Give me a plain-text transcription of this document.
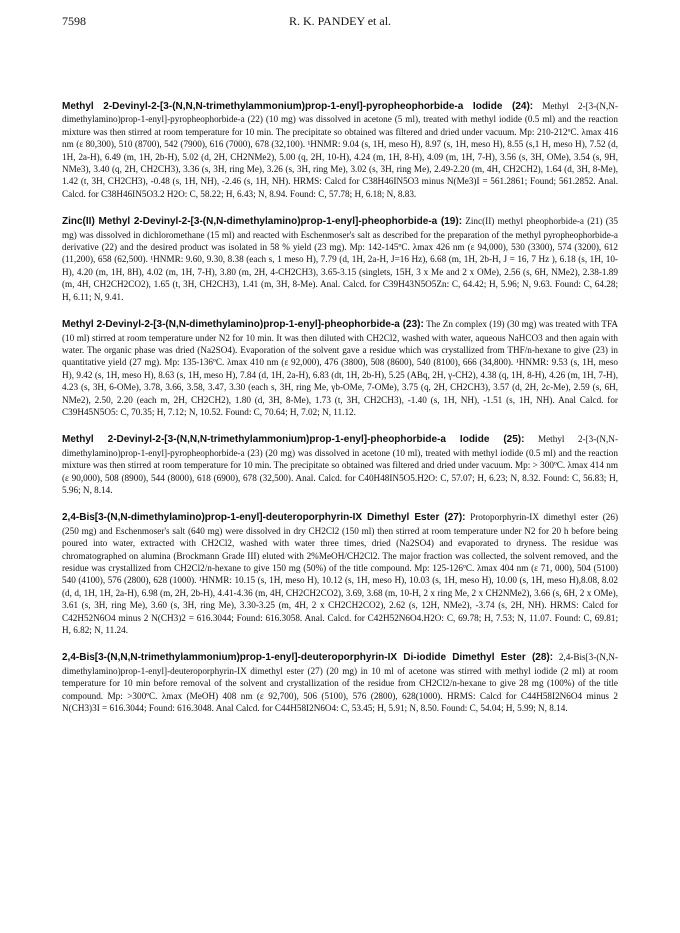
7598	R. K. PANDEY et al.

Methyl 2-Devinyl-2-[3-(N,N,N-trimethylammonium)prop-1-enyl]-pyropheophorbide-a Iodide (24): Methyl 2-[3-(N,N-dimethylamino)prop-1-enyl]-pyropheophorbide-a (22) (10 mg) was dissolved in acetone (5 ml), treated with methyl iodide (0.5 ml) and the reaction mixture was then stirred at room temperature for 10 min. The precipitate so obtained was filtered and dried under vacuum. Mp: 210-212ºC. λmax 416 nm (ε 80,300), 510 (8700), 542 (7900), 616 (7000), 678 (32,100). ¹HNMR: 9.04 (s, 1H, meso H), 8.97 (s, 1H, meso H), 8.55 (s,1 H, meso H), 7.52 (d, 1H, 2a-H), 6.49 (m, 1H, 2b-H), 5.02 (d, 2H, CH2NMe2), 5.00 (q, 2H, 10-H), 4.24 (m, 1H, 8-H), 4.09 (m, 1H, 7-H), 3.56 (s, 3H, OMe), 3.54 (s, 9H, NMe3), 3.40 (q, 2H, CH2CH3), 3.36 (s, 3H, ring Me), 3.26 (s, 3H, ring Me), 3.02 (s, 3H, ring Me), 2.49-2.20 (m, 4H, CH2CH2), 1.64 (d, 3H, 8-Me), 1.42 (t, 3H, CH2CH3), -0.48 (s, 1H, NH), -2.46 (s, 1H, NH). HRMS: Calcd for C38H46IN5O3 minus N(Me3)I = 561.2861; Found; 561.2852. Anal. Calcd. for C38H46IN5O3.2 H2O: C, 58.22; H, 6.43; N, 8.94. Found: C, 57.78; H, 6.18; N, 8.83.

Zinc(II) Methyl 2-Devinyl-2-[3-(N,N-dimethylamino)prop-1-enyl]-pheophorbide-a (19): Zinc(II) methyl pheophorbide-a (21) (35 mg) was dissolved in dichloromethane (15 ml) and reacted with Eschenmoser's salt as described for the preparation of the methyl pyropheophorbide-a derivative (22) and the desired product was isolated in 58 % yield (23 mg). Mp: 142-145ºC. λmax 426 nm (ε 94,000), 530 (3300), 574 (3200), 612 (11,200), 658 (62,500). ¹HNMR: 9.60, 9.30, 8.38 (each s, 1 meso H), 7.79 (d, 1H, 2a-H, J=16 Hz), 6.68 (m, 1H, 2b-H, J = 16, 7 Hz ), 6.18 (s, 1H, 10-H), 4.20 (m, 1H, 8H), 4.02 (m, 1H, 7-H), 3.80 (m, 2H, 4-CH2CH3), 3.65-3.15 (singlets, 15H, 3 x Me and 2 x OMe), 2.56 (s, 6H, NMe2), 2.38-1.89 (m, 4H, CH2CH2CO2), 1.65 (t, 3H, CH2CH3), 1.41 (m, 3H, 8-Me). Anal. Calcd. for C39H43N5O5Zn: C, 64.42; H, 5.96; N, 9.63. Found: C, 64.28; H, 6.11; N, 9.41.

Methyl 2-Devinyl-2-[3-(N,N-dimethylamino)prop-1-enyl]-pheophorbide-a (23): The Zn complex (19) (30 mg) was treated with TFA (10 ml) stirred at room temperature under N2 for 10 min. It was then diluted with CH2Cl2, washed with water, aqueous NaHCO3 and then again with water. The organic phase was dried (Na2SO4). Evaporation of the solvent gave a residue which was crystallized from THF/n-hexane to give (23) in quantitative yield (27 mg). Mp: 135-136ºC. λmax 410 nm (ε 92,000), 476 (3800), 508 (8600), 540 (8100), 666 (34,800). ¹HNMR: 9.53 (s, 1H, meso H), 9.42 (s, 1H, meso H), 8.63 (s, 1H, meso H), 7.84 (d, 1H, 2a-H), 6.83 (dt, 1H, 2b-H), 5.25 (ABq, 2H, γ-CH2), 4.38 (q, 1H, 8-H), 4.26 (m, 1H, 7-H), 4.23 (s, 3H, 6-OMe), 3.78, 3.66, 3.58, 3.47, 3.30 (each s, 3H, ring Me, γb-OMe, 7-OMe), 3.75 (q, 2H, CH2CH3), 3.57 (d, 2H, 2c-Me), 2.59 (s, 6H, NMe2), 2.50, 2.20 (each m, 2H, CH2CH2), 1.80 (d, 3H, 8-Me), 1.73 (t, 3H, CH2CH3), -1.40 (s, 1H, NH), -1.51 (s, 1H, NH). Anal Calcd. for C39H45N5O5: C, 70.35; H, 7.12; N, 10.52. Found: C, 70.64; H, 7.02; N, 11.12.

Methyl 2-Devinyl-2-[3-(N,N,N-trimethylammonium)prop-1-enyl]-pheophorbide-a Iodide (25): Methyl 2-[3-(N,N-dimethylamino)prop-1-enyl]-pyropheophorbide-a (23) (20 mg) was dissolved in acetone (10 ml), treated with methyl iodide (0.5 ml) and the reaction mixture was then stirred at room temperature for 10 min. The precipitate so obtained was filtered and dried under vacuum. Mp: > 300ºC. λmax 414 nm (ε 90,000), 508 (8900), 544 (8000), 618 (6900), 678 (32,500). Anal. Calcd. for C40H48IN5O5.H2O: C, 57.07; H, 6.23; N, 8.32. Found: C, 56.83; H, 5.96; N, 8.14.

2,4-Bis[3-(N,N-dimethylamino)prop-1-enyl]-deuteroporphyrin-IX Dimethyl Ester (27): Protoporphyrin-IX dimethyl ester (26) (250 mg) and Eschenmoser's salt (640 mg) were dissolved in dry CH2Cl2 (150 ml) then stirred at room temperature under N2 for 20 h before being poured into water, extracted with CH2Cl2, washed with water three times, dried (Na2SO4) and evaporated to dryness. The residue was chromatographed on alumina (Brockmann Grade III) eluted with 2%MeOH/CH2Cl2. The major fraction was collected, the solvent removed, and the residue was crystallized from CH2Cl2/n-hexane to give 150 mg (50%) of the title compound. Mp: 125-126ºC. λmax 404 nm (ε 71, 000), 504 (5100) 540 (4100), 576 (2800), 628 (1000). ¹HNMR: 10.15 (s, 1H, meso H), 10.12 (s, 1H, meso H), 10.03 (s, 1H, meso H), 10.00 (s, 1H, meso H),8.08, 8.02 (d, d, 1H, 1H, 2a-H), 6.98 (m, 2H, 2b-H), 4.41-4.36 (m, 4H, CH2CH2CO2), 3.69, 3.68 (m, 10-H, 2 x ring Me, 2 x CH2NMe2), 3.66 (s, 6H, 2 x OMe), 3.61 (s, 3H, ring Me), 3.60 (s, 3H, ring Me), 3.30-3.25 (m, 4H, 2 x CH2CH2CO2), 2.62 (s, 12H, NMe2), -3.74 (s, 2H, NH). HRMS: Calcd for C42H52N6O4 minus 2 N(CH3)2 = 616.3044; Found: 616.3058. Anal. Calcd. for C42H52N6O4.H2O: C, 69.78; H, 7.53; N, 11.07. Found: C, 69.81; H, 6.82; N, 11.24.

2,4-Bis[3-(N,N,N-trimethylammonium)prop-1-enyl]-deuteroporphyrin-IX Di-iodide Dimethyl Ester (28): 2,4-Bis[3-(N,N-dimethylamino)prop-1-enyl]-deuteroporphyrin-IX dimethyl ester (27) (20 mg) in 10 ml of acetone was stirred with methyl iodide (2 ml) at room temperature for 10 min before removal of the solvent and crystallization of the residue from CH2Cl2/n-hexane to give 28 mg (100%) of the title compound. Mp: >300ºC. λmax (MeOH) 408 nm (ε 92,700), 506 (5100), 576 (2800), 628(1000). HRMS: Calcd for C44H58I2N6O4 minus 2 N(CH3)3I = 616.3044; Found: 616.3048. Anal Calcd. for C44H58I2N6O4: C, 53.45; H, 5.91; N, 8.50. Found: C, 54.04; H, 5.99; N, 8.14.
